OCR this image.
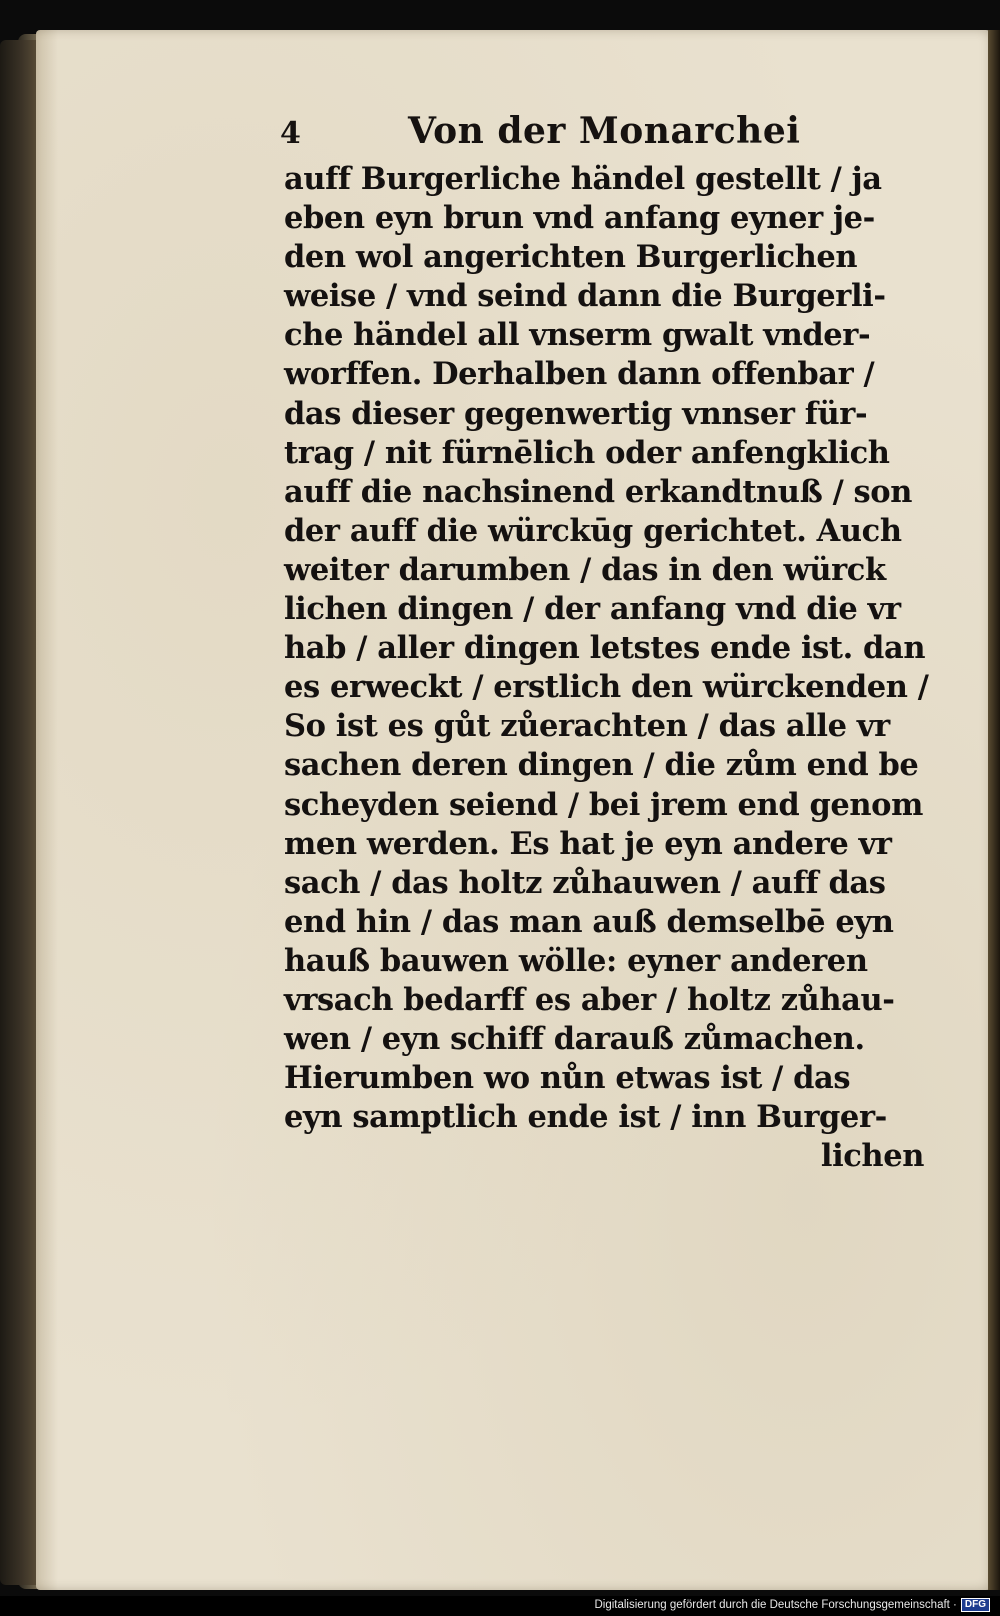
4	Von der Monarchei
auff Burgerliche händel gestellt / ja
eben eyn brun vnd anfang eyner je-
den wol angerichten Burgerlichen
weise / vnd seind dann die Burgerli-
che händel all vnserm gwalt vnder-
worffen. Derhalben dann offenbar /
das dieser gegenwertig vnnser für-
trag / nit fürnēlich oder anfengklich
auff die nachsinend erkandtnuß / son
der auff die würckūg gerichtet. Auch
weiter darumben / das in den würck
lichen dingen / der anfang vnd die vr
hab / aller dingen letstes ende ist. dan
es erweckt / erstlich den würckenden /
So ist es gůt zůerachten / das alle vr
sachen deren dingen / die zům end be
scheyden seiend / bei jrem end genom
men werden. Es hat je eyn andere vr
sach / das holtz zůhauwen / auff das
end hin / das man auß demselbē eyn
hauß bauwen wölle: eyner anderen
vrsach bedarff es aber / holtz zůhau-
wen / eyn schiff darauß zůmachen.
Hierumben wo nůn etwas ist / das
eyn samptlich ende ist / inn Burger-
lichen
Digitalisierung gefördert durch die Deutsche Forschungsgemeinschaft · DFG
